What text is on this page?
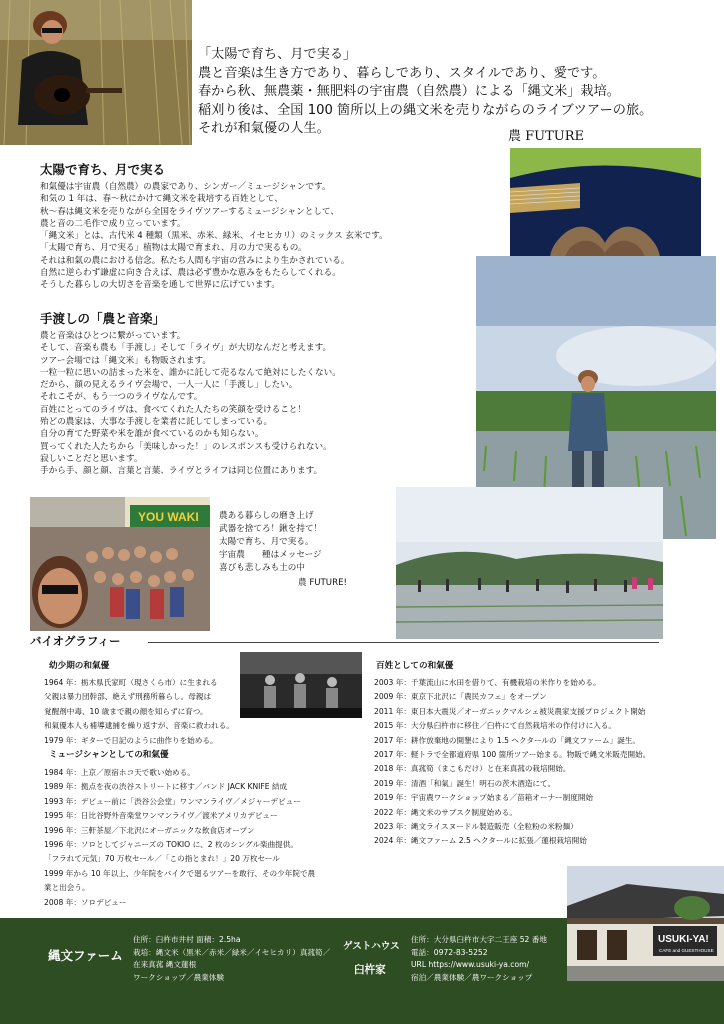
「太陽で育ち、月で実る」

農と音楽は生き方であり、暮らしであり、スタイルであり、愛です。

春から秋、無農薬・無肥料の宇宙農（自然農）による「縄文米」栽培。

稲刈り後は、全国 100 箇所以上の縄文米を売りながらのライブツアーの旅。

それが和氣優の人生。

農 FUTURE
太陽で育ち、月で実る

和氣優は宇宙農（自然農）の農家であり、シンガー／ミュージシャンです。

和気の 1 年は、春～秋にかけて縄文米を栽培する百姓として、

秋～春は縄文米を売りながら全国をライヴツアーするミュージシャンとして、

農と音の二毛作で成り立っています。

「縄文米」とは、古代米 4 種類（黒米、赤米、緑米、イセヒカリ）のミックス 玄米です。

「太陽で育ち、月で実る」植物は太陽で育まれ、月の力で実るもの。

それは和氣の農における信念。私たち人間も宇宙の営みにより生かされている。

自然に逆らわず謙虚に向き合えば、農は必ず豊かな恵みをもたらしてくれる。

そうした暮らしの大切さを音楽を通して世界に広げています。

手渡しの「農と音楽」

農と音楽はひとつに繋がっています。

そして、音楽も農も「手渡し」そして「ライヴ」が大切なんだと考えます。

ツアー会場では「縄文米」も物販されます。

一粒一粒に思いの詰まった米を、誰かに託して売るなんて絶対にしたくない。

だから、顔の見えるライヴ会場で、一人一人に「手渡し」したい。

それこそが、もう一つのライヴなんです。

百姓にとってのライヴは、食べてくれた人たちの笑顔を受けること！

殆どの農家は、大事な手渡しを業者に託してしまっている。

自分の育てた野菜や米を誰が食べているのかも知らない。

買ってくれた人たちから「美味しかった！」のレスポンスも受けられない。

寂しいことだと思います。

手から手、顔と顔、言葉と言葉、ライヴとライフは同じ位置にあります。

YOU WAKI 農ある暮らしの磨き上げ

武器を捨てろ！鍬を持て！

太陽で育ち、月で実る。

宇宙農　　種はメッセージ

喜びも悲しみも土の中

農 FUTURE!
バイオグラフィー
幼少期の和氣優

1964 年：栃木県氏家町（現さくら市）に生まれる

父親は暴力団幹部、絶えず刑務所暮らし。母親は

覚醒剤中毒、10 歳まで親の顔を知らずに育つ。

和氣優本人も補導逮捕を繰り返すが、音楽に救われる。

1979 年：ギターで日記のように曲作りを始める。

ミュージシャンとしての和氣優

1984 年：上京／原宿ホコ天で歌い始める。

1989 年：拠点を夜の渋谷ストリートに移す／バンド JACK KNIFE 結成

1993 年：デビュー前に「渋谷公会堂」ワンマンライヴ／メジャーデビュー

1995 年：日比谷野外音楽堂ワンマンライヴ／渡米アメリカデビュー

1996 年：三軒茶屋／下北沢にオーガニックな飲食店オープン

1996 年：ソロとしてジャニーズの TOKIO に、2 枚のシングル楽曲提供。

「フラれて元気」70 万枚セール／「この指とまれ！」20 万枚セール

1999 年から 10 年以上、少年院をバイクで廻るツアーを敢行、その少年院で農

業と出会う。

2008 年：ソロデビュー

百姓としての和氣優

2003 年：千葉流山に水田を借りて、有機栽培の米作りを始める。

2009 年：東京下北沢に「農民カフェ」をオープン

2011 年：東日本大震災／オーガニックマルシェ被災農家支援プロジェクト開始

2015 年：大分県臼杵市に移住／臼杵にて自然栽培米の作付けに入る。

2017 年：耕作放棄地の開墾により 1.5 ヘクタールの「縄文ファーム」誕生。

2017 年：軽トラで全都道府県 100 箇所ツアー始まる。物販で縄文米販売開始。

2018 年：真菰筍（まこもだけ）と在来真菰の栽培開始。

2019 年：清酒「和氣」誕生！明石の茨木酒造にて。

2019 年：宇宙農ワークショップ始まる／苗箱オーナー制度開始

2022 年：縄文米のサブスク制度始める。

2023 年：縄文ライスヌードル製造販売（全粒粉の米粉麺）

2024 年：縄文ファーム 2.5 ヘクタールに拡張／蓮根栽培開始

縄文ファーム

住所：臼杵市井村 面積：2.5ha

栽培：縄文米（黒米／赤米／緑米／イセヒカリ）真菰筍／

在来真菰 縄文蓮根

ワークショップ／農業体験

ゲストハウス
臼杵家

住所：大分県臼杵市大字二王座 52 番地

電話：0972-83-5252

URL https://www.usuki-ya.com/

宿泊／農業体験／農ワークショップ

USUKI-YA!
CAFE and GUESTHOUSE
